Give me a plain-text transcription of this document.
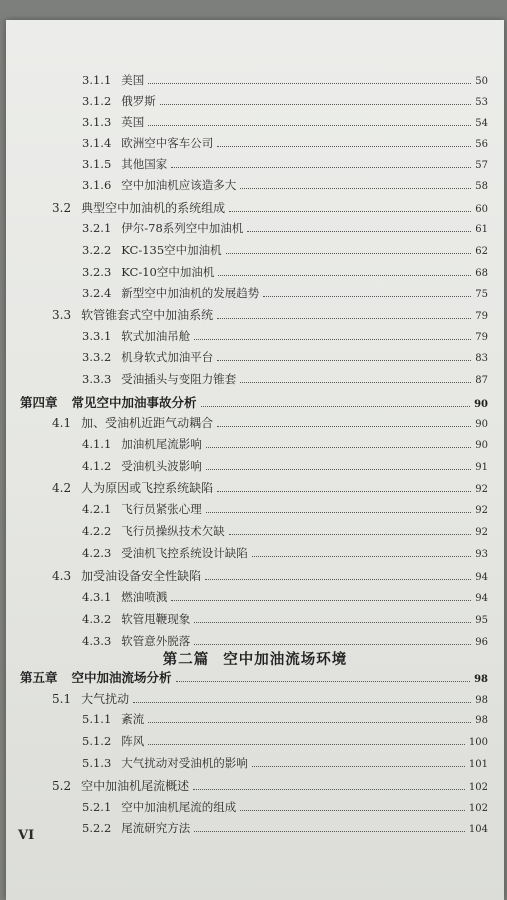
3.1.1 美国	50
3.1.2 俄罗斯	53
3.1.3 英国	54
3.1.4 欧洲空中客车公司	56
3.1.5 其他国家	57
3.1.6 空中加油机应该造多大	58
3.2 典型空中加油机的系统组成	60
3.2.1 伊尔-78系列空中加油机	61
3.2.2 KC-135空中加油机	62
3.2.3 KC-10空中加油机	68
3.2.4 新型空中加油机的发展趋势	75
3.3 软管锥套式空中加油系统	79
3.3.1 软式加油吊舱	79
3.3.2 机身软式加油平台	83
3.3.3 受油插头与变阻力锥套	87
第四章 常见空中加油事故分析	90
4.1 加、受油机近距气动耦合	90
4.1.1 加油机尾流影响	90
4.1.2 受油机头波影响	91
4.2 人为原因或飞控系统缺陷	92
4.2.1 飞行员紧张心理	92
4.2.2 飞行员操纵技术欠缺	92
4.2.3 受油机飞控系统设计缺陷	93
4.3 加受油设备安全性缺陷	94
4.3.1 燃油喷溅	94
4.3.2 软管甩鞭现象	95
4.3.3 软管意外脱落	96
第五章 空中加油流场分析	98
5.1 大气扰动	98
5.1.1 紊流	98
5.1.2 阵风	100
5.1.3 大气扰动对受油机的影响	101
5.2 空中加油机尾流概述	102
5.2.1 空中加油机尾流的组成	102
5.2.2 尾流研究方法	104
第二篇 空中加油流场环境
VI
